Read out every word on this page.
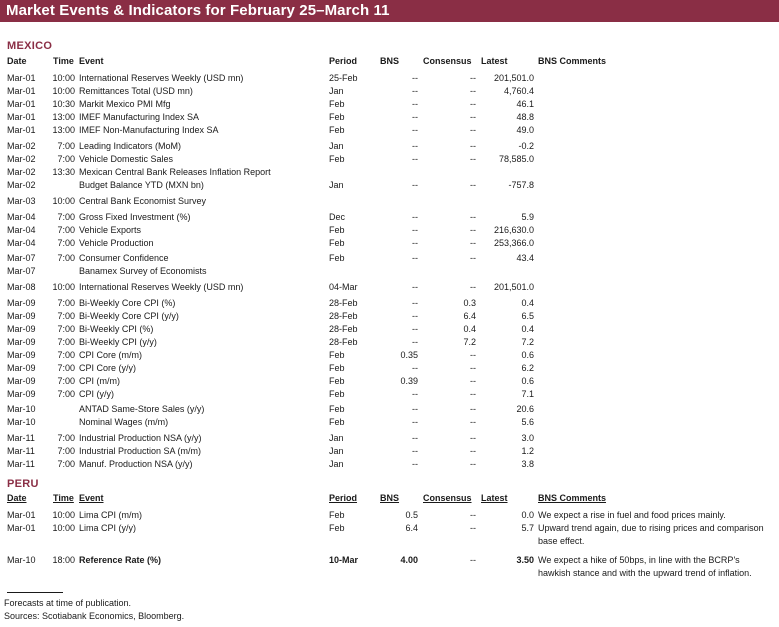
Market Events & Indicators for February 25–March 11
MEXICO
Date	Time Event	Period	BNS	Consensus Latest	BNS Comments
Mar-01	10:00 International Reserves Weekly (USD mn)	25-Feb	--	--	201,501.0
Mar-01	10:00 Remittances Total (USD mn)	Jan	--	--	4,760.4
Mar-01	10:30 Markit Mexico PMI Mfg	Feb	--	--	46.1
Mar-01	13:00 IMEF Manufacturing Index SA	Feb	--	--	48.8
Mar-01	13:00 IMEF Non-Manufacturing Index SA	Feb	--	--	49.0
Mar-02	7:00 Leading Indicators (MoM)	Jan	--	--	-0.2
Mar-02	7:00 Vehicle Domestic Sales	Feb	--	--	78,585.0
Mar-02	13:30 Mexican Central Bank Releases Inflation Report
Mar-02	Budget Balance YTD (MXN bn)	Jan	--	--	-757.8
Mar-03	10:00 Central Bank Economist Survey
Mar-04	7:00 Gross Fixed Investment (%)	Dec	--	--	5.9
Mar-04	7:00 Vehicle Exports	Feb	--	--	216,630.0
Mar-04	7:00 Vehicle Production	Feb	--	--	253,366.0
Mar-07	7:00 Consumer Confidence	Feb	--	--	43.4
Mar-07	Banamex Survey of Economists
Mar-08	10:00 International Reserves Weekly (USD mn)	04-Mar	--	--	201,501.0
Mar-09	7:00 Bi-Weekly Core CPI (%)	28-Feb	--	0.3	0.4
Mar-09	7:00 Bi-Weekly Core CPI (y/y)	28-Feb	--	6.4	6.5
Mar-09	7:00 Bi-Weekly CPI (%)	28-Feb	--	0.4	0.4
Mar-09	7:00 Bi-Weekly CPI (y/y)	28-Feb	--	7.2	7.2
Mar-09	7:00 CPI Core (m/m)	Feb	0.35	--	0.6
Mar-09	7:00 CPI Core (y/y)	Feb	--	--	6.2
Mar-09	7:00 CPI (m/m)	Feb	0.39	--	0.6
Mar-09	7:00 CPI (y/y)	Feb	--	--	7.1
Mar-10	ANTAD Same-Store Sales (y/y)	Feb	--	--	20.6
Mar-10	Nominal Wages (m/m)	Feb	--	--	5.6
Mar-11	7:00 Industrial Production NSA (y/y)	Jan	--	--	3.0
Mar-11	7:00 Industrial Production SA (m/m)	Jan	--	--	1.2
Mar-11	7:00 Manuf. Production NSA (y/y)	Jan	--	--	3.8
PERU
Date	Time Event	Period	BNS	Consensus Latest	BNS Comments
Mar-01	10:00 Lima CPI (m/m)	Feb	0.5	--	0.0 We expect a rise in fuel and food prices mainly.
Mar-01	10:00 Lima CPI (y/y)	Feb	6.4	--	5.7 Upward trend again, due to rising prices and comparison base effect.
Mar-10	18:00 Reference Rate (%)	10-Mar	4.00	--	3.50 We expect a hike of 50bps, in line with the BCRP's hawkish stance and with the upward trend of inflation.
Forecasts at time of publication.
Sources: Scotiabank Economics, Bloomberg.
